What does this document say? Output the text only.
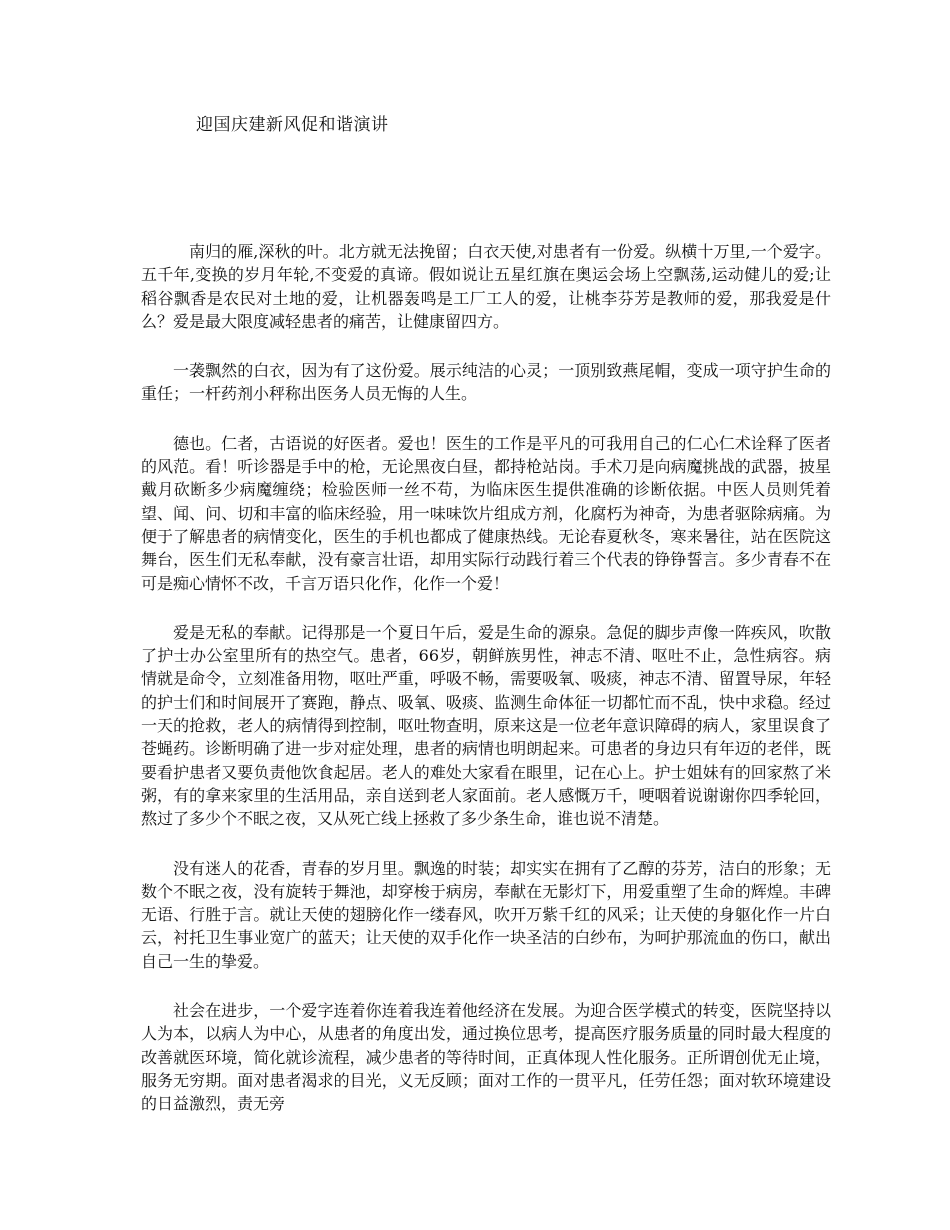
迎国庆建新风促和谐演讲

南归的雁,深秋的叶。北方就无法挽留；白衣天使,对患者有一份爱。纵横十万里,一个爱字。五千年,变换的岁月年轮,不变爱的真谛。假如说让五星红旗在奥运会场上空飘荡,运动健儿的爱;让稻谷飘香是农民对土地的爱，让机器轰鸣是工厂工人的爱，让桃李芬芳是教师的爱，那我爱是什么？爱是最大限度减轻患者的痛苦，让健康留四方。

一袭飘然的白衣，因为有了这份爱。展示纯洁的心灵；一顶别致燕尾帽，变成一项守护生命的重任；一杆药剂小秤称出医务人员无悔的人生。

德也。仁者，古语说的好医者。爱也！医生的工作是平凡的可我用自己的仁心仁术诠释了医者的风范。看！听诊器是手中的枪，无论黑夜白昼，都持枪站岗。手术刀是向病魔挑战的武器，披星戴月砍断多少病魔缠绕；检验医师一丝不苟，为临床医生提供准确的诊断依据。中医人员则凭着望、闻、问、切和丰富的临床经验，用一味味饮片组成方剂，化腐朽为神奇，为患者驱除病痛。为便于了解患者的病情变化，医生的手机也都成了健康热线。无论春夏秋冬，寒来暑往，站在医院这舞台，医生们无私奉献，没有豪言壮语，却用实际行动践行着三个代表的铮铮誓言。多少青春不在可是痴心情怀不改，千言万语只化作，化作一个爱！

爱是无私的奉献。记得那是一个夏日午后，爱是生命的源泉。急促的脚步声像一阵疾风，吹散了护士办公室里所有的热空气。患者，66岁，朝鲜族男性，神志不清、呕吐不止，急性病容。病情就是命令，立刻准备用物，呕吐严重，呼吸不畅，需要吸氧、吸痰，神志不清、留置导尿，年轻的护士们和时间展开了赛跑，静点、吸氧、吸痰、监测生命体征一切都忙而不乱，快中求稳。经过一天的抢救，老人的病情得到控制，呕吐物查明，原来这是一位老年意识障碍的病人，家里误食了苍蝇药。诊断明确了进一步对症处理，患者的病情也明朗起来。可患者的身边只有年迈的老伴，既要看护患者又要负责他饮食起居。老人的难处大家看在眼里，记在心上。护士姐妹有的回家熬了米粥，有的拿来家里的生活用品，亲自送到老人家面前。老人感慨万千，哽咽着说谢谢你四季轮回，熬过了多少个不眠之夜，又从死亡线上拯救了多少条生命，谁也说不清楚。

没有迷人的花香，青春的岁月里。飘逸的时装；却实实在拥有了乙醇的芬芳，洁白的形象；无数个不眠之夜，没有旋转于舞池，却穿梭于病房，奉献在无影灯下，用爱重塑了生命的辉煌。丰碑无语、行胜于言。就让天使的翅膀化作一缕春风，吹开万紫千红的风采；让天使的身躯化作一片白云，衬托卫生事业宽广的蓝天；让天使的双手化作一块圣洁的白纱布，为呵护那流血的伤口，献出自己一生的挚爱。

社会在进步，一个爱字连着你连着我连着他经济在发展。为迎合医学模式的转变，医院坚持以人为本，以病人为中心，从患者的角度出发，通过换位思考，提高医疗服务质量的同时最大程度的改善就医环境，简化就诊流程，减少患者的等待时间，正真体现人性化服务。正所谓创优无止境，服务无穷期。面对患者渴求的目光，义无反顾；面对工作的一贯平凡，任劳任怨；面对软环境建设的日益激烈，责无旁
